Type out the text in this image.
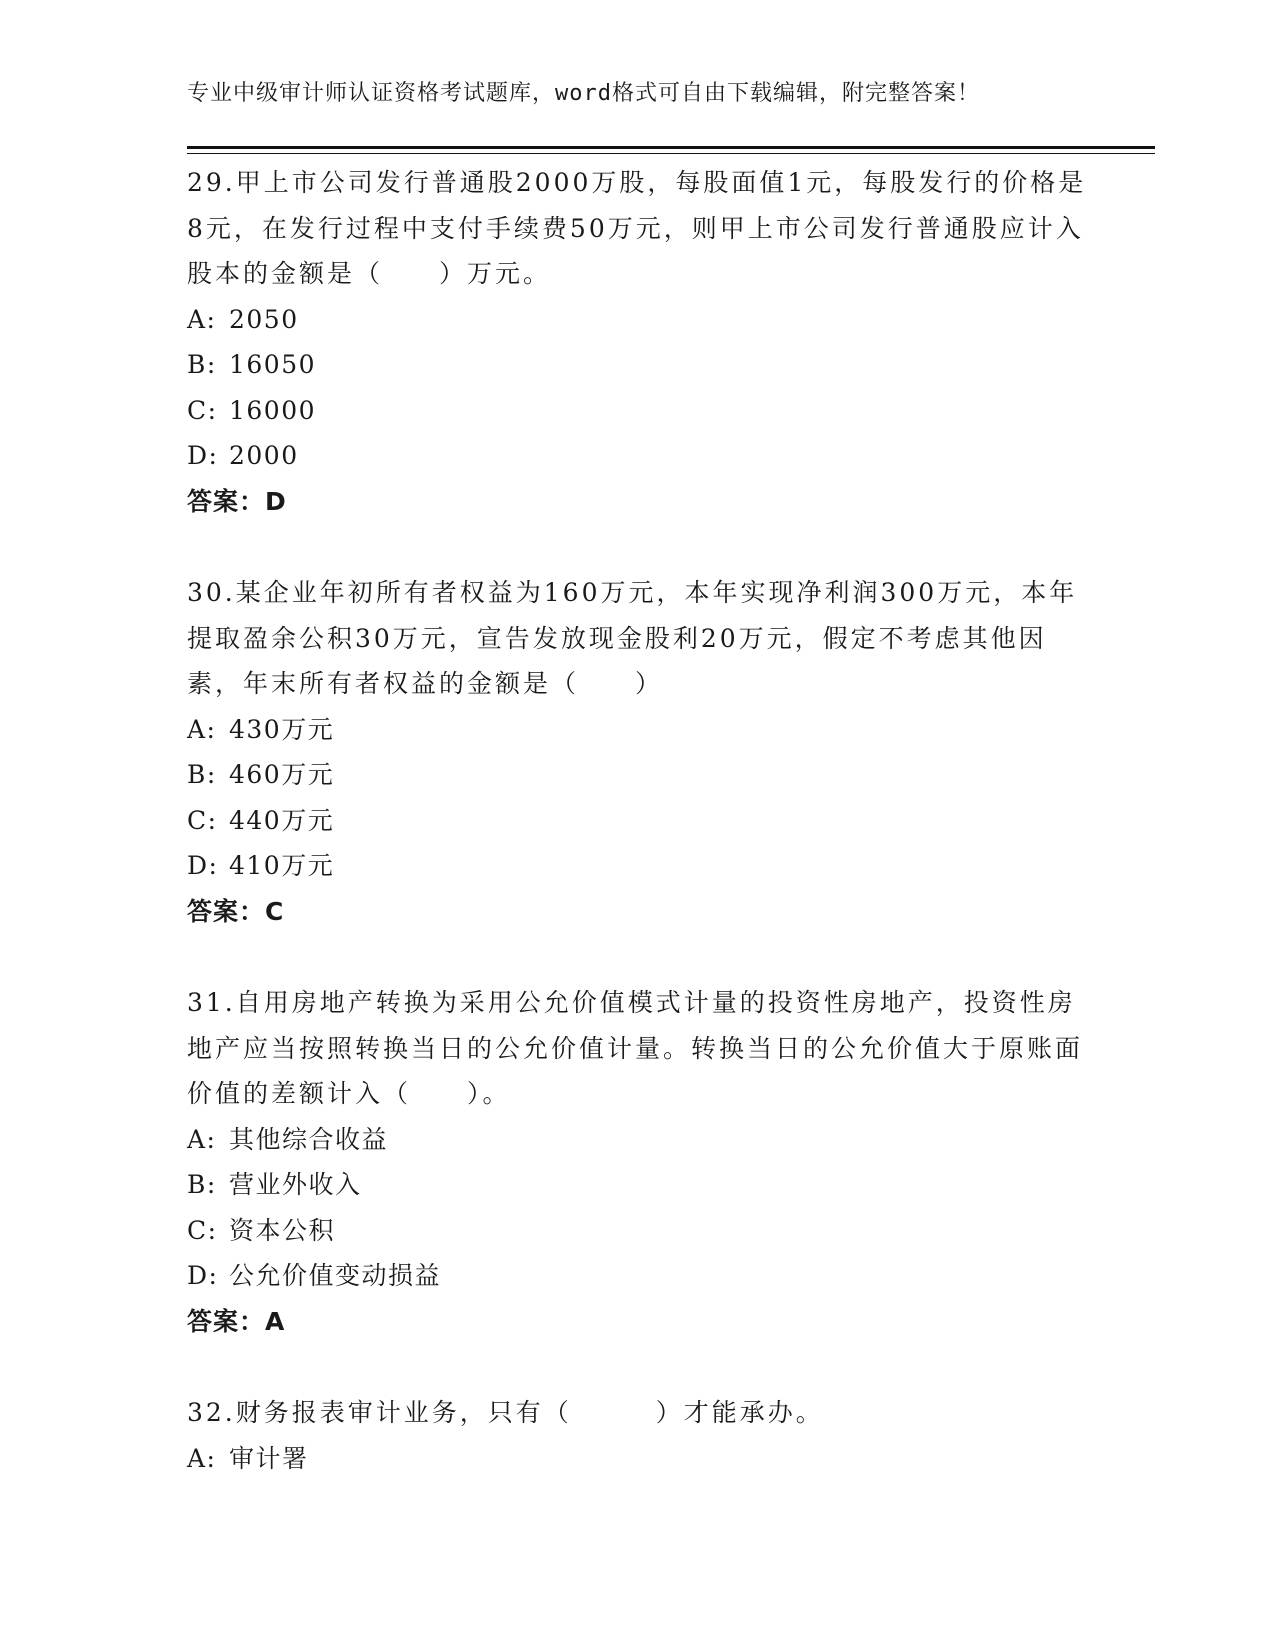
专业中级审计师认证资格考试题库，word格式可自由下载编辑，附完整答案！
29.甲上市公司发行普通股2000万股，每股面值1元，每股发行的价格是8元，在发行过程中支付手续费50万元，则甲上市公司发行普通股应计入股本的金额是（　　）万元。
A: 2050
B: 16050
C: 16000
D: 2000
答案：D
30.某企业年初所有者权益为160万元，本年实现净利润300万元，本年提取盈余公积30万元，宣告发放现金股利20万元，假定不考虑其他因素，年末所有者权益的金额是（　　）
A: 430万元
B: 460万元
C: 440万元
D: 410万元
答案：C
31.自用房地产转换为采用公允价值模式计量的投资性房地产，投资性房地产应当按照转换当日的公允价值计量。转换当日的公允价值大于原账面价值的差额计入（　　）。
A: 其他综合收益
B: 营业外收入
C: 资本公积
D: 公允价值变动损益
答案：A
32.财务报表审计业务，只有（　　　）才能承办。
A: 审计署
